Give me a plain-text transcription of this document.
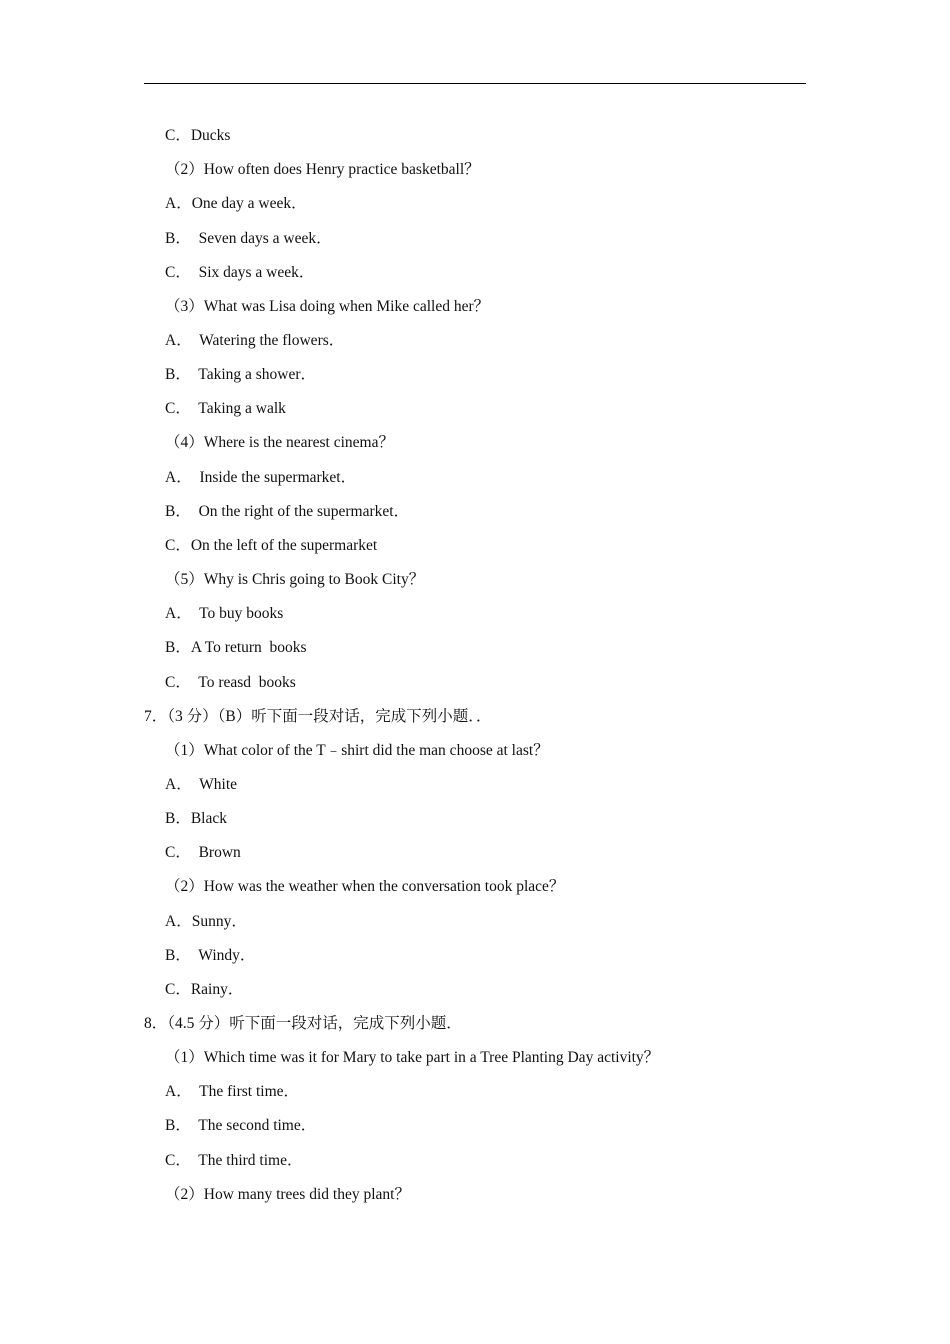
C．Ducks
（2）How often does Henry practice basketball？
A．One day a week．
B．  Seven days a week．
C．  Six days a week．
（3）What was Lisa doing when Mike called her？
A．  Watering the flowers．
B．  Taking a shower．
C．  Taking a walk
（4）Where is the nearest cinema？
A．  Inside the supermarket．
B．  On the right of the supermarket．
C．On the left of the supermarket
（5）Why is Chris going to Book City？
A．  To buy books
B．A To return  books
C．  To reasd  books
7．（3 分）（B）听下面一段对话，完成下列小题．．
（1）What color of the T﹣shirt did the man choose at last？
A．  White
B．Black
C．  Brown
（2）How was the weather when the conversation took place？
A．Sunny．
B．  Windy．
C．Rainy．
8．（4.5 分）听下面一段对话，完成下列小题．
（1）Which time was it for Mary to take part in a Tree Planting Day activity？
A．  The first time．
B．  The second time．
C．  The third time．
（2）How many trees did they plant？
